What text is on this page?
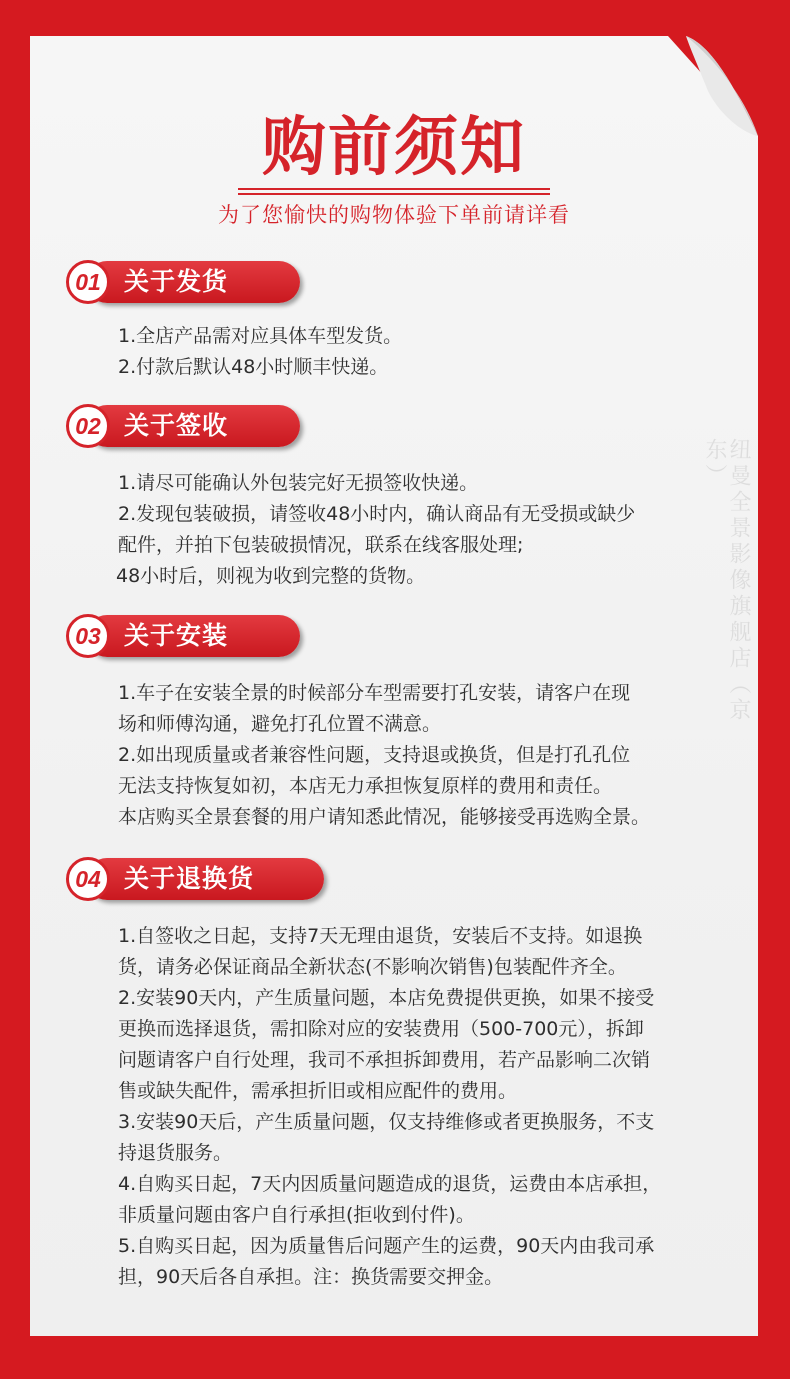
购前须知
为了您愉快的购物体验下单前请详看
01 关于发货

1.全店产品需对应具体车型发货。

2.付款后默认48小时顺丰快递。

02 关于签收

1.请尽可能确认外包装完好无损签收快递。

2.发现包装破损，请签收48小时内，确认商品有无受损或缺少

配件，并拍下包装破损情况，联系在线客服处理;

48小时后，则视为收到完整的货物。

03 关于安装

1.车子在安装全景的时候部分车型需要打孔安装，请客户在现

场和师傅沟通，避免打孔位置不满意。

2.如出现质量或者兼容性问题，支持退或换货，但是打孔孔位

无法支持恢复如初，本店无力承担恢复原样的费用和责任。

本店购买全景套餐的用户请知悉此情况，能够接受再选购全景。

04 关于退换货

1.自签收之日起，支持7天无理由退货，安装后不支持。如退换

货，请务必保证商品全新状态(不影响次销售)包装配件齐全。

2.安装90天内，产生质量问题，本店免费提供更换，如果不接受

更换而选择退货，需扣除对应的安装费用（500-700元），拆卸

问题请客户自行处理，我司不承担拆卸费用，若产品影响二次销

售或缺失配件，需承担折旧或相应配件的费用。

3.安装90天后，产生质量问题，仅支持维修或者更换服务，不支

持退货服务。

4.自购买日起，7天内因质量问题造成的退货，运费由本店承担，

非质量问题由客户自行承担(拒收到付件)。

5.自购买日起，因为质量售后问题产生的运费，90天内由我司承

担，90天后各自承担。注：换货需要交押金。

纽曼全景影像旗舰店（京东）
